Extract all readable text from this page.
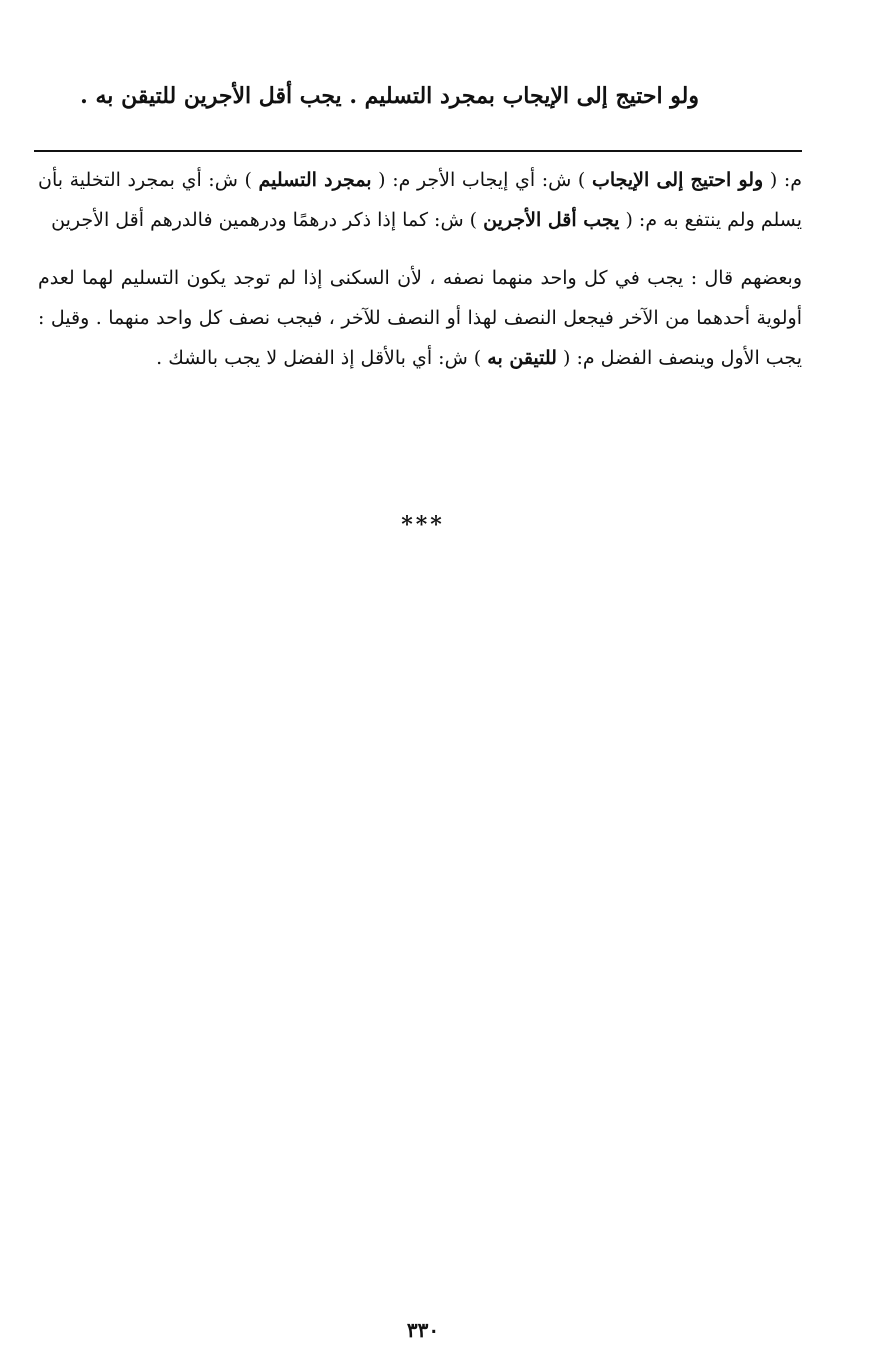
ولو احتيج إلى الإيجاب بمجرد التسليم . يجب أقل الأجرين للتيقن به .

م: ( ولو احتيج إلى الإيجاب ) ش: أي إيجاب الأجر م: ( بمجرد التسليم ) ش: أي بمجرد التخلية بأن يسلم ولم ينتفع به م: ( يجب أقل الأجرين ) ش: كما إذا ذكر درهمًا ودرهمين فالدرهم أقل الأجرين

وبعضهم قال : يجب في كل واحد منهما نصفه ، لأن السكنى إذا لم توجد يكون التسليم لهما لعدم أولوية أحدهما من الآخر فيجعل النصف لهذا أو النصف للآخر ، فيجب نصف كل واحد منهما . وقيل : يجب الأول وينصف الفضل م: ( للتيقن به ) ش: أي بالأقل إذ الفضل لا يجب بالشك .

***
٣٣٠
